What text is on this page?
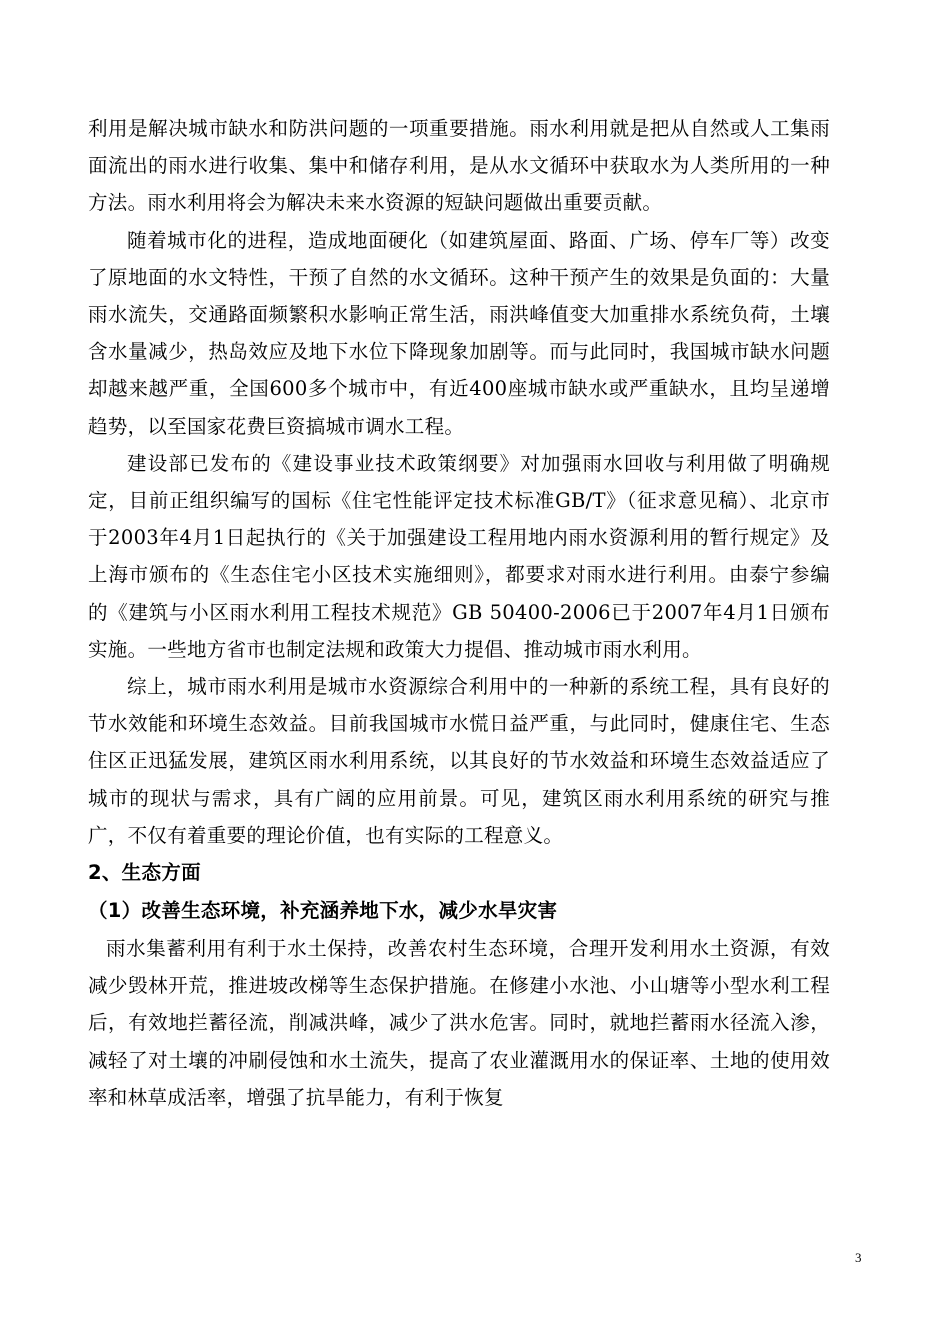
利用是解决城市缺水和防洪问题的一项重要措施。雨水利用就是把从自然或人工集雨面流出的雨水进行收集、集中和储存利用，是从水文循环中获取水为人类所用的一种方法。雨水利用将会为解决未来水资源的短缺问题做出重要贡献。

随着城市化的进程，造成地面硬化（如建筑屋面、路面、广场、停车厂等）改变了原地面的水文特性，干预了自然的水文循环。这种干预产生的效果是负面的：大量雨水流失，交通路面频繁积水影响正常生活，雨洪峰值变大加重排水系统负荷，土壤含水量减少，热岛效应及地下水位下降现象加剧等。而与此同时，我国城市缺水问题却越来越严重，全国600多个城市中，有近400座城市缺水或严重缺水，且均呈递增趋势，以至国家花费巨资搞城市调水工程。

建设部已发布的《建设事业技术政策纲要》对加强雨水回收与利用做了明确规定，目前正组织编写的国标《住宅性能评定技术标准GB/T》（征求意见稿）、北京市于2003年4月1日起执行的《关于加强建设工程用地内雨水资源利用的暂行规定》及上海市颁布的《生态住宅小区技术实施细则》，都要求对雨水进行利用。由泰宁参编的《建筑与小区雨水利用工程技术规范》GB 50400-2006已于2007年4月1日颁布实施。一些地方省市也制定法规和政策大力提倡、推动城市雨水利用。

综上，城市雨水利用是城市水资源综合利用中的一种新的系统工程，具有良好的节水效能和环境生态效益。目前我国城市水慌日益严重，与此同时，健康住宅、生态住区正迅猛发展，建筑区雨水利用系统，以其良好的节水效益和环境生态效益适应了城市的现状与需求，具有广阔的应用前景。可见，建筑区雨水利用系统的研究与推广，不仅有着重要的理论价值，也有实际的工程意义。

2、生态方面
（1）改善生态环境，补充涵养地下水，减少水旱灾害

雨水集蓄利用有利于水土保持，改善农村生态环境，合理开发利用水土资源，有效减少毁林开荒，推进坡改梯等生态保护措施。在修建小水池、小山塘等小型水利工程后，有效地拦蓄径流，削减洪峰，减少了洪水危害。同时，就地拦蓄雨水径流入渗，减轻了对土壤的冲刷侵蚀和水土流失，提高了农业灌溉用水的保证率、土地的使用效率和林草成活率，增强了抗旱能力，有利于恢复

3
